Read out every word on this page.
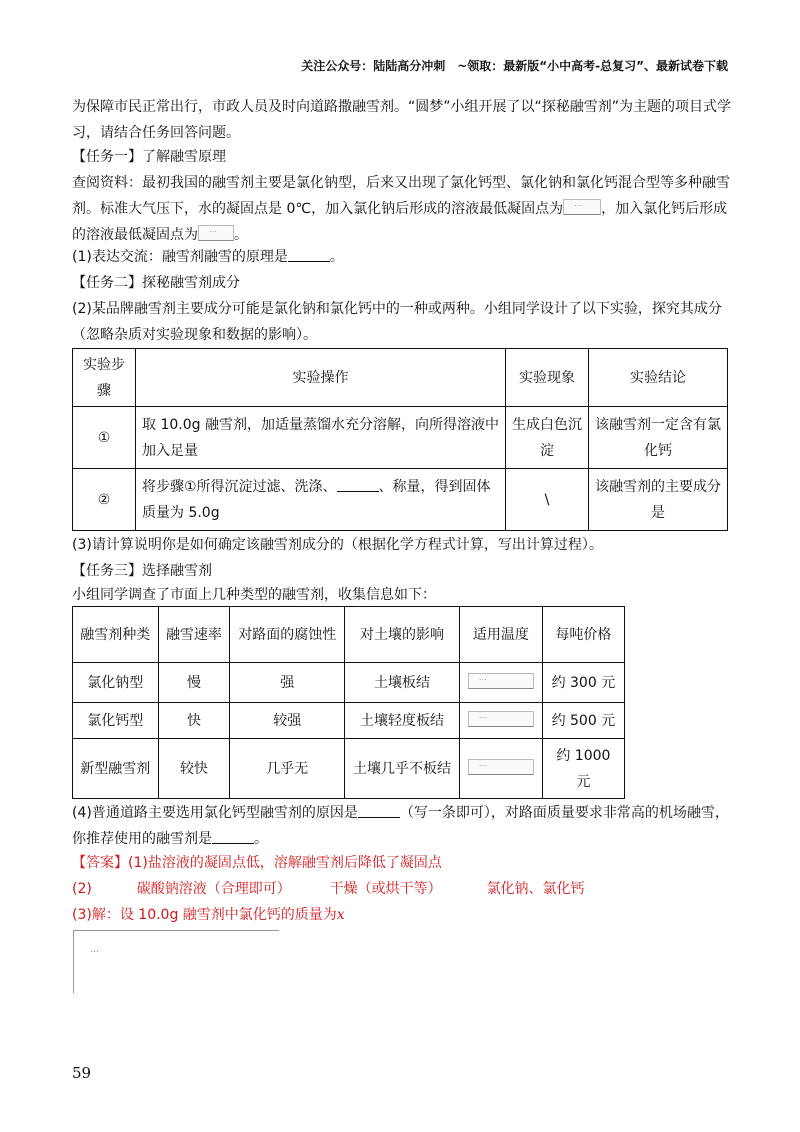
关注公众号：陆陆高分冲刺　~领取：最新版“小中高考-总复习”、最新试卷下载
为保障市民正常出行，市政人员及时向道路撒融雪剂。“圆梦”小组开展了以“探秘融雪剂”为主题的项目式学习，请结合任务回答问题。
【任务一】了解融雪原理
查阅资料：最初我国的融雪剂主要是氯化钠型，后来又出现了氯化钙型、氯化钠和氯化钙混合型等多种融雪剂。标准大气压下，水的凝固点是 0℃，加入氯化钠后形成的溶液最低凝固点为 …	，加入氯化钙后形成的溶液最低凝固点为 …	。
(1)表达交流：融雪剂融雪的原理是	。
【任务二】探秘融雪剂成分
(2)某品牌融雪剂主要成分可能是氯化钠和氯化钙中的一种或两种。小组同学设计了以下实验，探究其成分（忽略杂质对实验现象和数据的影响）。
实验步骤	实验操作	实验现象	实验结论
①	取 10.0g 融雪剂，加适量蒸馏水充分溶解，向所得溶液中加入足量	生成白色沉淀	该融雪剂一定含有氯化钙
②	将步骤①所得沉淀过滤、洗涤、 、称量，得到固体质量为 5.0g	\	该融雪剂的主要成分是
(3)请计算说明你是如何确定该融雪剂成分的（根据化学方程式计算，写出计算过程）。
【任务三】选择融雪剂
小组同学调查了市面上几种类型的融雪剂，收集信息如下：
融雪剂种类	融雪速率	对路面的腐蚀性	对土壤的影响	适用温度	每吨价格
氯化钠型	慢	强	土壤板结	…	约 300 元
氯化钙型	快	较强	土壤轻度板结	…	约 500 元
新型融雪剂	较快	几乎无	土壤几乎不板结	…	约 1000 元
(4)普通道路主要选用氯化钙型融雪剂的原因是	（写一条即可），对路面质量要求非常高的机场融雪，你推荐使用的融雪剂是	。
【答案】(1)盐溶液的凝固点低，溶解融雪剂后降低了凝固点
(2)	碳酸钠溶液（合理即可）	干燥（或烘干等）	氯化钠、氯化钙
(3)解：设 10.0g 融雪剂中氯化钙的质量为x
…
59
